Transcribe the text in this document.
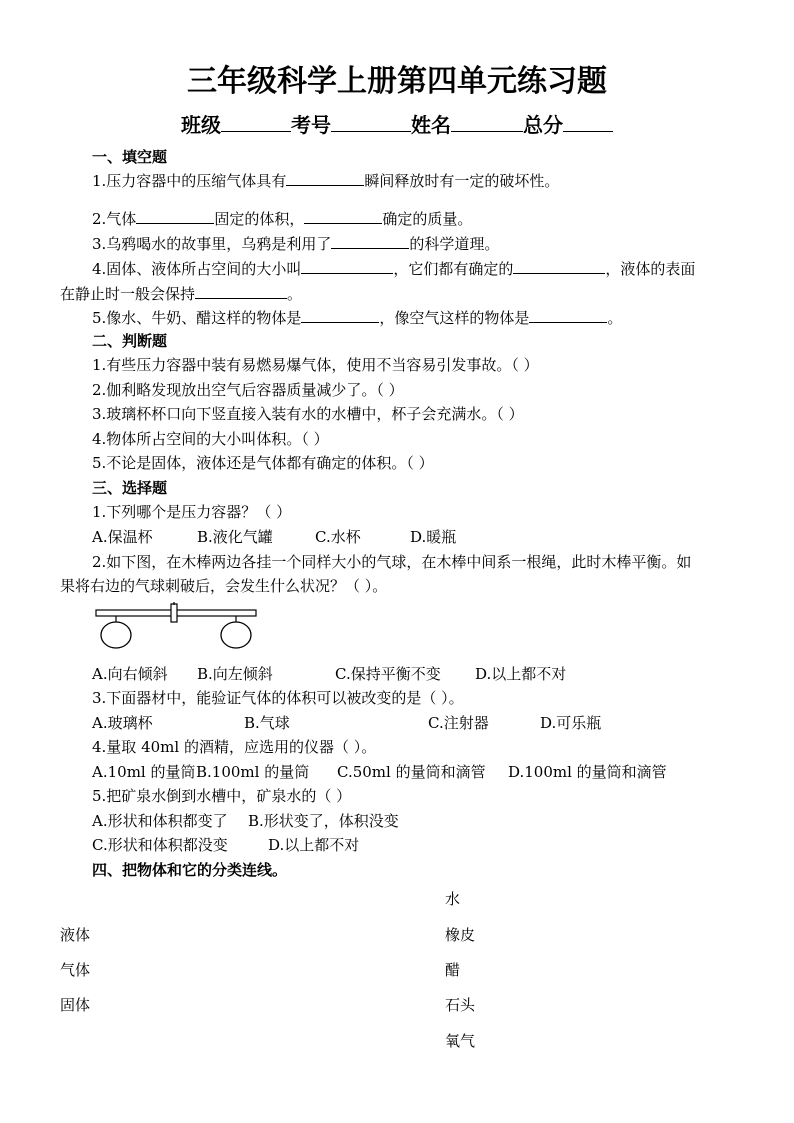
三年级科学上册第四单元练习题
班级	考号	姓名	总分
一、填空题
1.压力容器中的压缩气体具有	瞬间释放时有一定的破坏性。
2.气体	固定的体积，	确定的质量。
3.乌鸦喝水的故事里，乌鸦是利用了	的科学道理。
4.固体、液体所占空间的大小叫	，它们都有确定的	，液体的表面
在静止时一般会保持	。
5.像水、牛奶、醋这样的物体是	，像空气这样的物体是	。
二、判断题
1.有些压力容器中装有易燃易爆气体，使用不当容易引发事故。（ ）
2.伽利略发现放出空气后容器质量减少了。（ ）
3.玻璃杯杯口向下竖直接入装有水的水槽中，杯子会充满水。（ ）
4.物体所占空间的大小叫体积。（ ）
5.不论是固体，液体还是气体都有确定的体积。（ ）
三、选择题
1.下列哪个是压力容器？（ ）
A.保温杯	B.液化气罐	C.水杯	D.暖瓶
2.如下图，在木棒两边各挂一个同样大小的气球，在木棒中间系一根绳，此时木棒平衡。如
果将右边的气球刺破后，会发生什么状况？（ ）。
A.向右倾斜 B.向左倾斜	C.保持平衡不变 D.以上都不对
3.下面器材中，能验证气体的体积可以被改变的是（ ）。
A.玻璃杯	B.气球	C.注射器	D.可乐瓶
4.量取 40ml 的酒精，应选用的仪器（ ）。
A.10ml 的量筒 B.100ml 的量筒 C.50ml 的量筒和滴管 D.100ml 的量筒和滴管
5.把矿泉水倒到水槽中，矿泉水的（ ）
A.形状和体积都变了 B.形状变了，体积没变
C.形状和体积都没变	D.以上都不对
四、把物体和它的分类连线。
水
液体	橡皮
气体	醋
固体	石头
氧气
